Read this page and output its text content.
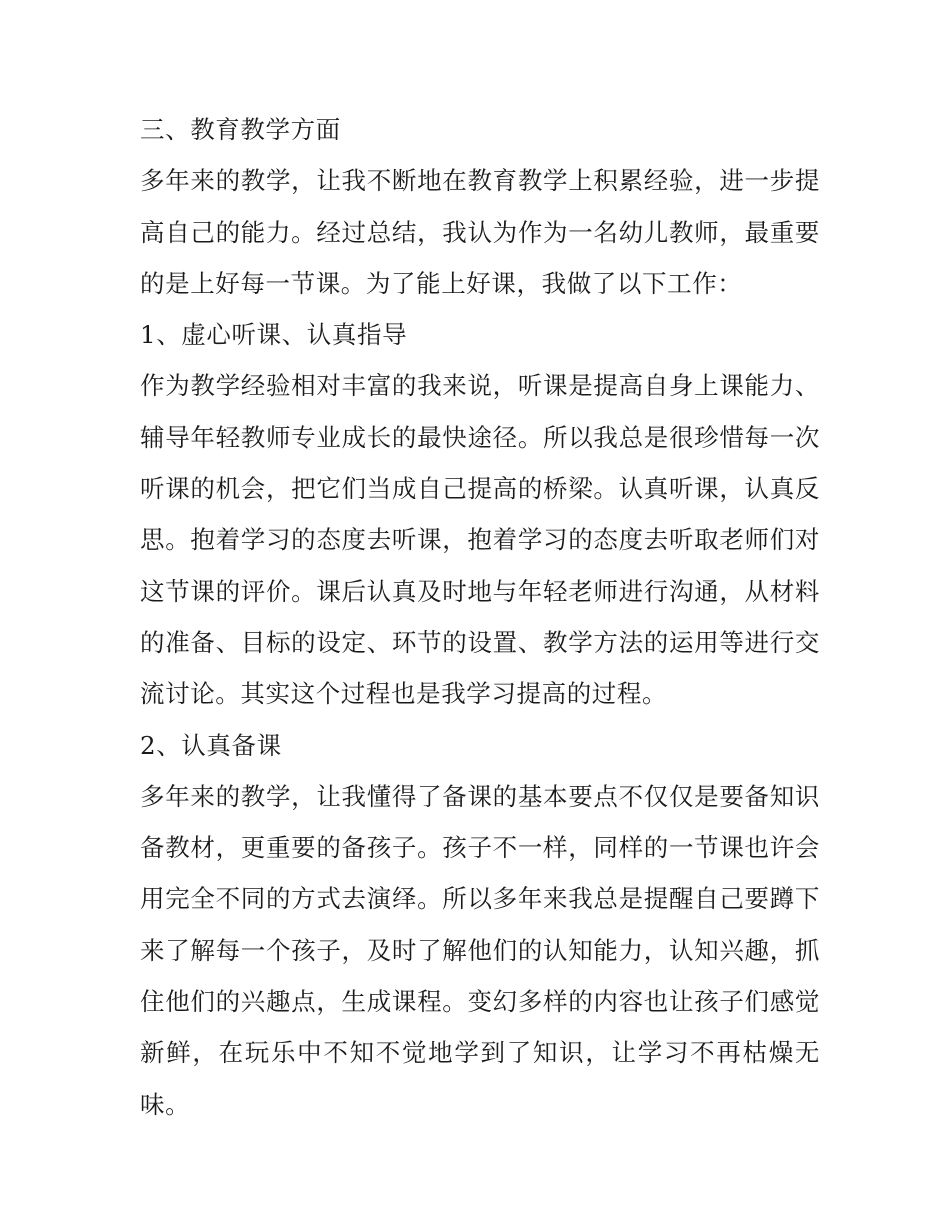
三、教育教学方面

多年来的教学，让我不断地在教育教学上积累经验，进一步提高自己的能力。经过总结，我认为作为一名幼儿教师，最重要的是上好每一节课。为了能上好课，我做了以下工作：

1、虚心听课、认真指导

作为教学经验相对丰富的我来说，听课是提高自身上课能力、辅导年轻教师专业成长的最快途径。所以我总是很珍惜每一次听课的机会，把它们当成自己提高的桥梁。认真听课，认真反思。抱着学习的态度去听课，抱着学习的态度去听取老师们对这节课的评价。课后认真及时地与年轻老师进行沟通，从材料的准备、目标的设定、环节的设置、教学方法的运用等进行交流讨论。其实这个过程也是我学习提高的过程。

2、认真备课

多年来的教学，让我懂得了备课的基本要点不仅仅是要备知识备教材，更重要的备孩子。孩子不一样，同样的一节课也许会用完全不同的方式去演绎。所以多年来我总是提醒自己要蹲下来了解每一个孩子，及时了解他们的认知能力，认知兴趣，抓住他们的兴趣点，生成课程。变幻多样的内容也让孩子们感觉新鲜，在玩乐中不知不觉地学到了知识，让学习不再枯燥无味。
